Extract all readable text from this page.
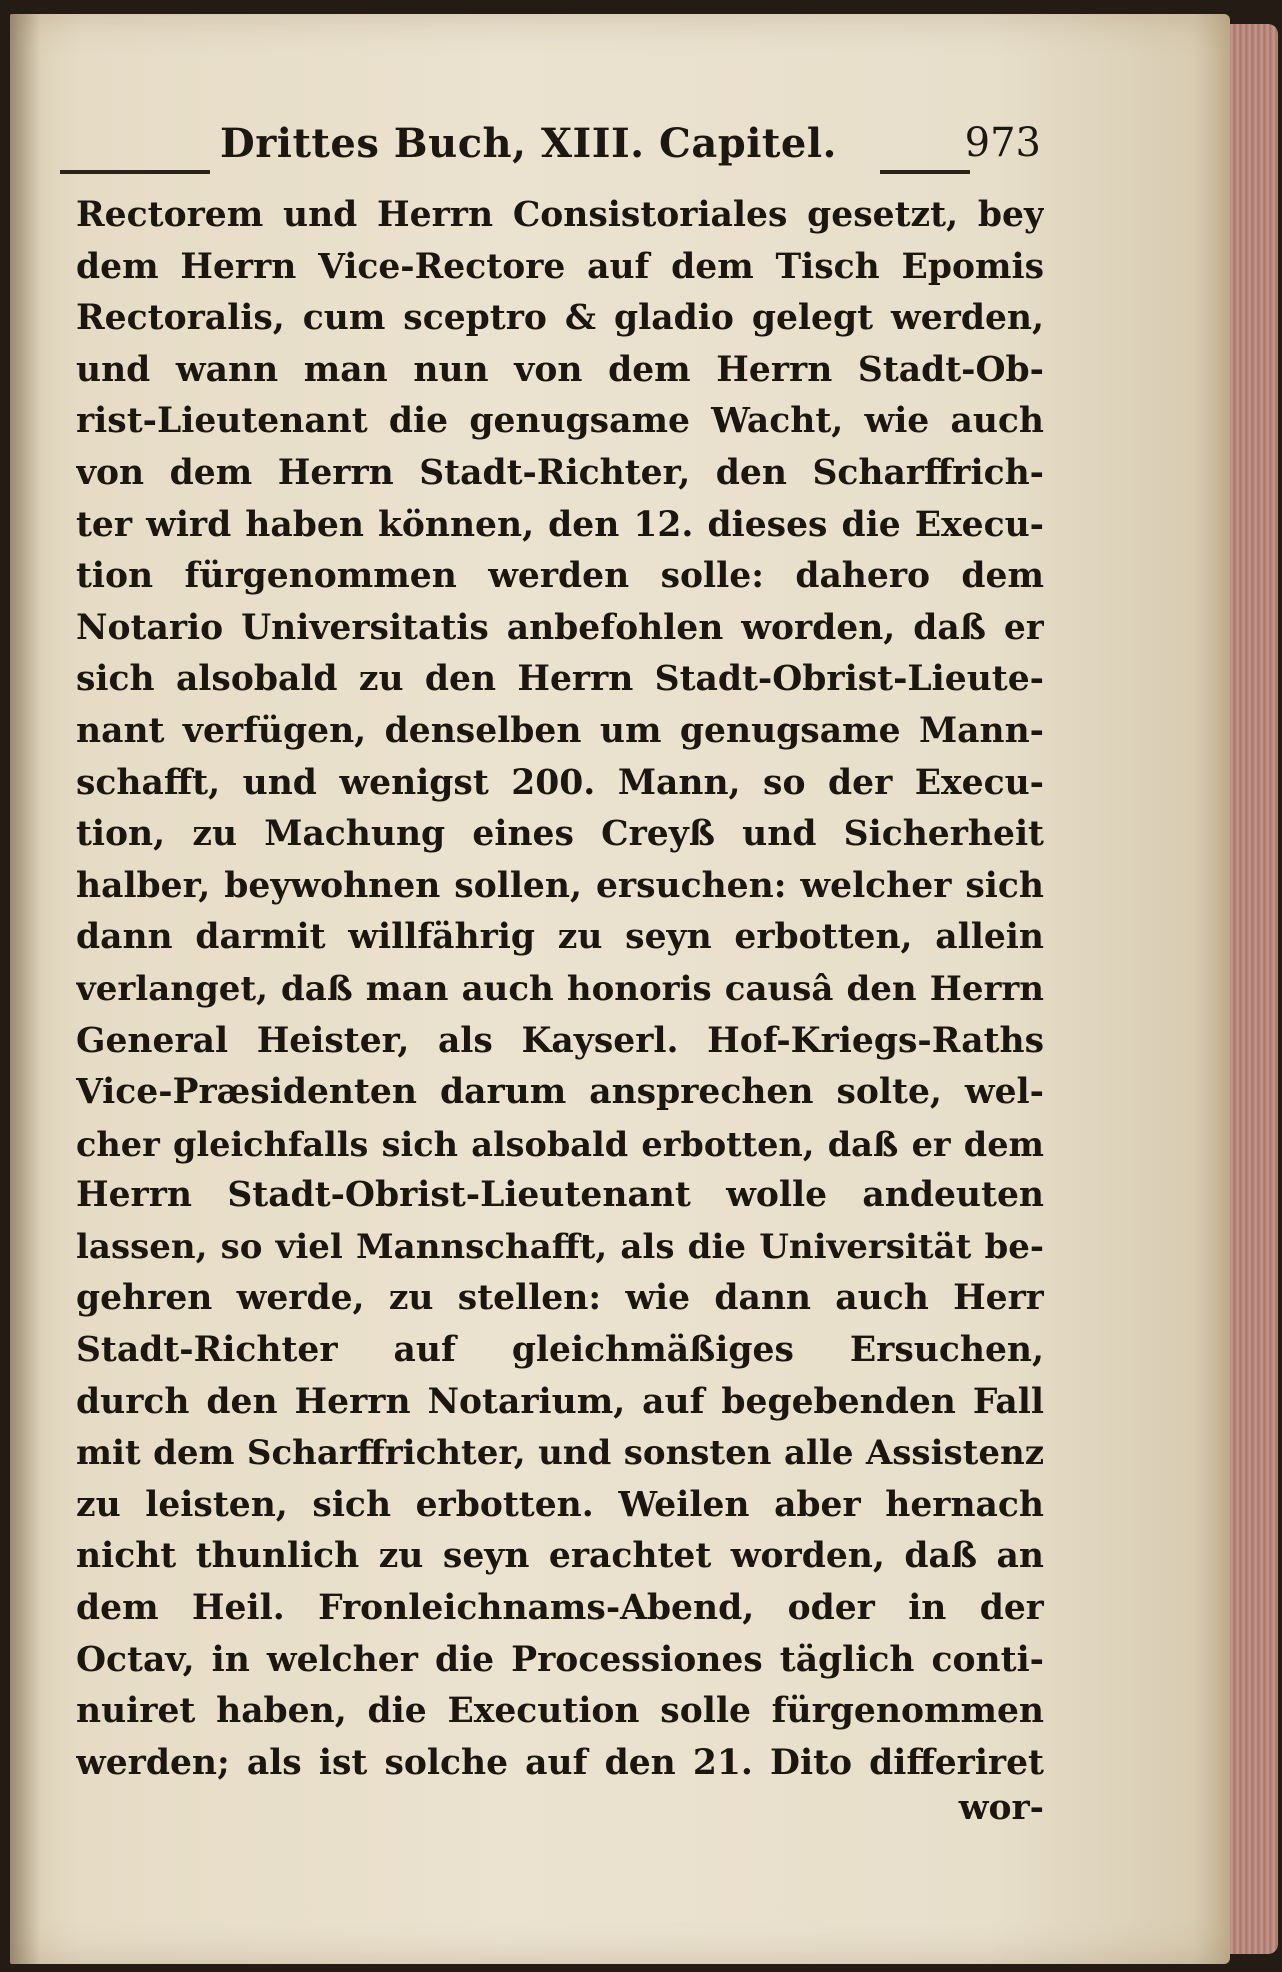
Drittes Buch, XIII. Capitel.	973
Rectorem und Herrn Consistoriales gesetzt, bey
dem Herrn Vice-Rectore auf dem Tisch Epomis
Rectoralis, cum sceptro & gladio gelegt werden,
und wann man nun von dem Herrn Stadt-Ob-
rist-Lieutenant die genugsame Wacht, wie auch
von dem Herrn Stadt-Richter, den Scharffrich-
ter wird haben können, den 12. dieses die Execu-
tion fürgenommen werden solle: dahero dem
Notario Universitatis anbefohlen worden, daß er
sich alsobald zu den Herrn Stadt-Obrist-Lieute-
nant verfügen, denselben um genugsame Mann-
schafft, und wenigst 200. Mann, so der Execu-
tion, zu Machung eines Creyß und Sicherheit
halber, beywohnen sollen, ersuchen: welcher sich
dann darmit willfährig zu seyn erbotten, allein
verlanget, daß man auch honoris causâ den Herrn
General Heister, als Kayserl. Hof-Kriegs-Raths
Vice-Præsidenten darum ansprechen solte, wel-
cher gleichfalls sich alsobald erbotten, daß er dem
Herrn Stadt-Obrist-Lieutenant wolle andeuten
lassen, so viel Mannschafft, als die Universität be-
gehren werde, zu stellen: wie dann auch Herr
Stadt-Richter auf gleichmäßiges Ersuchen,
durch den Herrn Notarium, auf begebenden Fall
mit dem Scharffrichter, und sonsten alle Assistenz
zu leisten, sich erbotten. Weilen aber hernach
nicht thunlich zu seyn erachtet worden, daß an
dem Heil. Fronleichnams-Abend, oder in der
Octav, in welcher die Processiones täglich conti-
nuiret haben, die Execution solle fürgenommen
werden; als ist solche auf den 21. Dito differiret
wor-
